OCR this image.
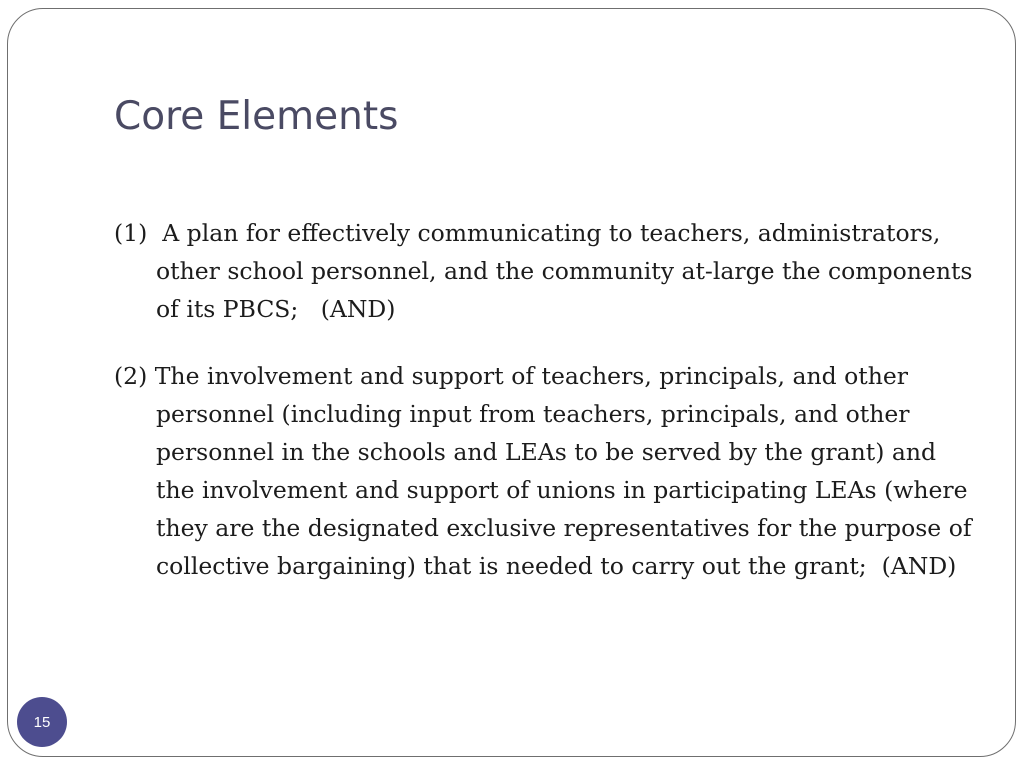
Core Elements

(1)  A plan for effectively communicating to teachers, administrators, other school personnel, and the community at-large the components of its PBCS;   (AND)

(2) The involvement and support of teachers, principals, and other personnel (including input from teachers, principals, and other personnel in the schools and LEAs to be served by the grant) and the involvement and support of unions in participating LEAs (where they are the designated exclusive representatives for the purpose of collective bargaining) that is needed to carry out the grant;  (AND)

15
